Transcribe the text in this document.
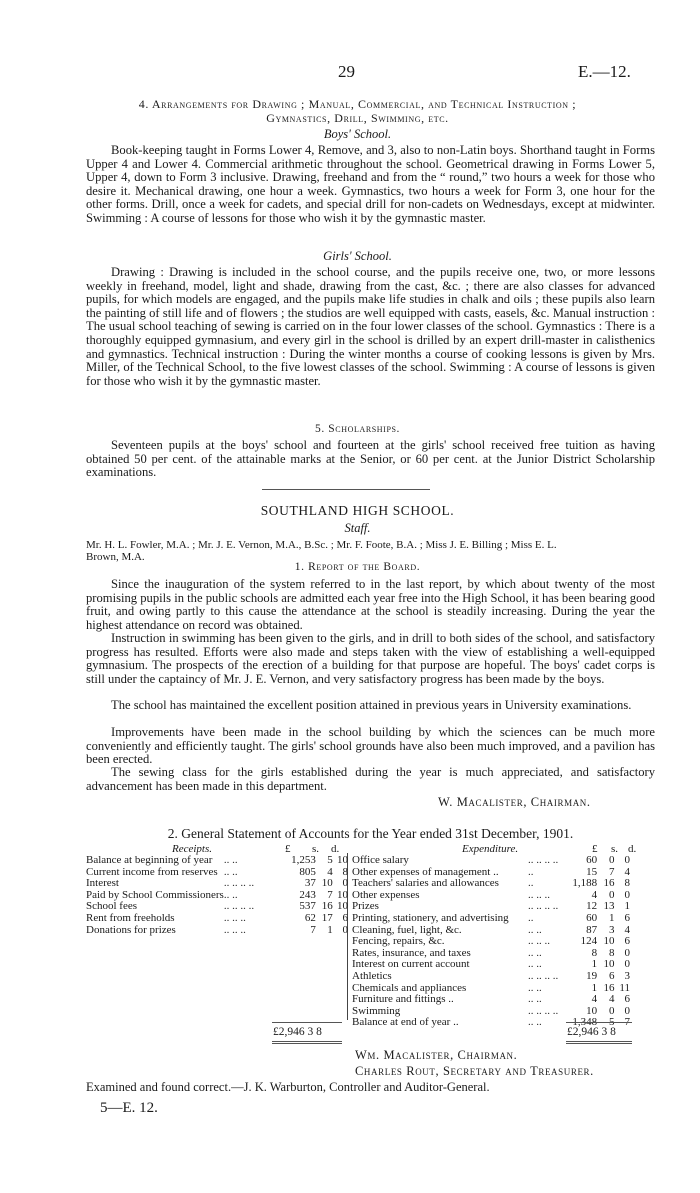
29	E.—12.
4. Arrangements for Drawing ; Manual, Commercial, and Technical Instruction ;
Gymnastics, Drill, Swimming, etc.
Boys' School.
Book-keeping taught in Forms Lower 4, Remove, and 3, also to non-Latin boys. Shorthand taught in Forms Upper 4 and Lower 4. Commercial arithmetic throughout the school. Geometrical drawing in Forms Lower 5, Upper 4, down to Form 3 inclusive. Drawing, freehand and from the “ round,” two hours a week for those who desire it. Mechanical drawing, one hour a week. Gymnastics, two hours a week for Form 3, one hour for the other forms. Drill, once a week for cadets, and special drill for non-cadets on Wednesdays, except at midwinter. Swimming : A course of lessons for those who wish it by the gymnastic master.
Girls' School.
Drawing : Drawing is included in the school course, and the pupils receive one, two, or more lessons weekly in freehand, model, light and shade, drawing from the cast, &c. ; there are also classes for advanced pupils, for which models are engaged, and the pupils make life studies in chalk and oils ; these pupils also learn the painting of still life and of flowers ; the studios are well equipped with casts, easels, &c. Manual instruction : The usual school teaching of sewing is carried on in the four lower classes of the school. Gymnastics : There is a thoroughly equipped gymnasium, and every girl in the school is drilled by an expert drill-master in calisthenics and gymnastics. Technical instruction : During the winter months a course of cooking lessons is given by Mrs. Miller, of the Technical School, to the five lowest classes of the school. Swimming : A course of lessons is given for those who wish it by the gymnastic master.
5. Scholarships.
Seventeen pupils at the boys' school and fourteen at the girls' school received free tuition as having obtained 50 per cent. of the attainable marks at the Senior, or 60 per cent. at the Junior District Scholarship examinations.
SOUTHLAND HIGH SCHOOL.
Staff.
Mr. H. L. Fowler, M.A. ; Mr. J. E. Vernon, M.A., B.Sc. ; Mr. F. Foote, B.A. ; Miss J. E. Billing ; Miss E. L.
Brown, M.A.
1. Report of the Board.
Since the inauguration of the system referred to in the last report, by which about twenty of the most promising pupils in the public schools are admitted each year free into the High School, it has been bearing good fruit, and owing partly to this cause the attendance at the school is steadily increasing. During the year the highest attendance on record was obtained.
Instruction in swimming has been given to the girls, and in drill to both sides of the school, and satisfactory progress has resulted. Efforts were also made and steps taken with the view of establishing a well-equipped gymnasium. The prospects of the erection of a building for that purpose are hopeful. The boys' cadet corps is still under the captaincy of Mr. J. E. Vernon, and very satisfactory progress has been made by the boys.
The school has maintained the excellent position attained in previous years in University examinations.
Improvements have been made in the school building by which the sciences can be much more conveniently and efficiently taught. The girls' school grounds have also been much improved, and a pavilion has been erected.
The sewing class for the girls established during the year is much appreciated, and satisfactory advancement has been made in this department.
W. Macalister, Chairman.
2. General Statement of Accounts for the Year ended 31st December, 1901.
Receipts.	Expenditure.
£ s. d.	£ s. d.
Balance at beginning of year	.. ..	1,253	5	10
Current income from reserves	.. ..	805	4	8
Interest	.. .. .. ..	37	10	0
Paid by School Commissioners	.. ..	243	7	10
School fees	.. .. .. ..	537	16	10
Rent from freeholds	.. .. ..	62	17	6
Donations for prizes	.. .. ..	7	1	0
Office salary	.. .. .. ..	60	0	0
Other expenses of management ..	..	15	7	4
Teachers' salaries and allowances	..	1,188	16	8
Other expenses	.. .. ..	4	0	0
Prizes	.. .. .. ..	12	13	1
Printing, stationery, and advertising	..	60	1	6
Cleaning, fuel, light, &c.	.. ..	87	3	4
Fencing, repairs, &c.	.. .. ..	124	10	6
Rates, insurance, and taxes	.. ..	8	8	0
Interest on current account	.. ..	1	10	0
Athletics	.. .. .. ..	19	6	3
Chemicals and appliances	.. ..	1	16	11
Furniture and fittings ..	.. ..	4	4	6
Swimming	.. .. .. ..	10	0	0
Balance at end of year ..	.. ..	1,348	5	7
£2,946 3 8	£2,946 3 8
Wm. Macalister, Chairman.
Charles Rout, Secretary and Treasurer.
Examined and found correct.—J. K. Warburton, Controller and Auditor-General.
5—E. 12.
